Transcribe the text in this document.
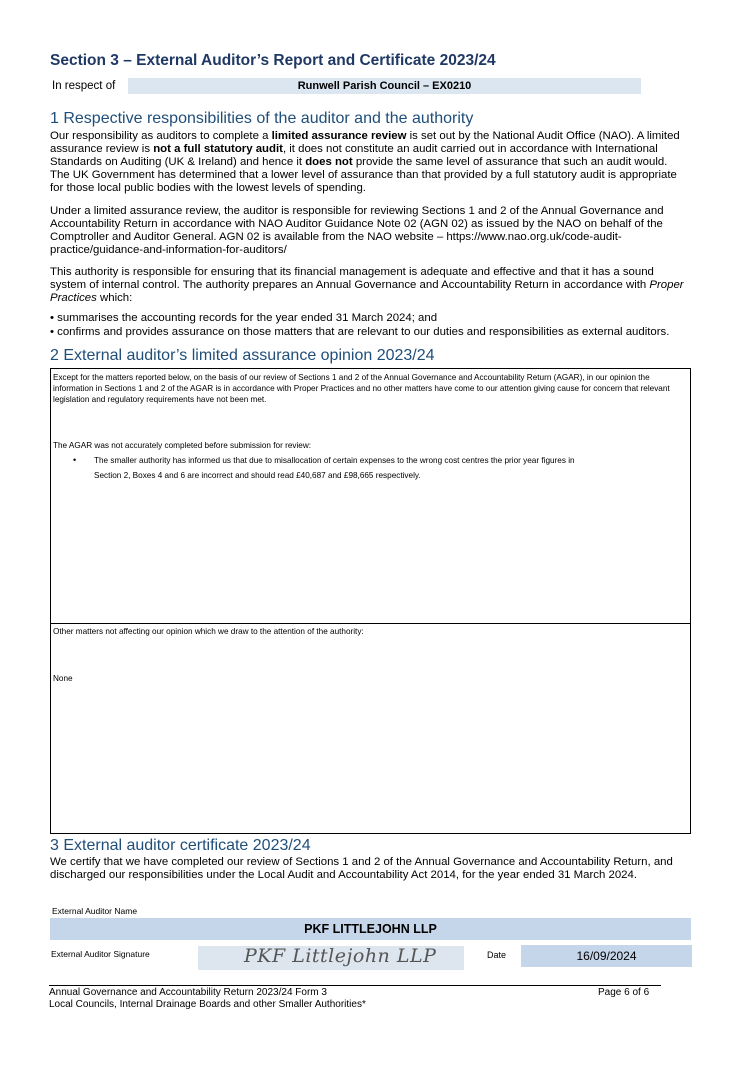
Section 3 – External Auditor’s Report and Certificate 2023/24
In respect of	Runwell Parish Council – EX0210
1 Respective responsibilities of the auditor and the authority
Our responsibility as auditors to complete a limited assurance review is set out by the National Audit Office (NAO). A limited assurance review is not a full statutory audit, it does not constitute an audit carried out in accordance with International Standards on Auditing (UK & Ireland) and hence it does not provide the same level of assurance that such an audit would. The UK Government has determined that a lower level of assurance than that provided by a full statutory audit is appropriate for those local public bodies with the lowest levels of spending.
Under a limited assurance review, the auditor is responsible for reviewing Sections 1 and 2 of the Annual Governance and Accountability Return in accordance with NAO Auditor Guidance Note 02 (AGN 02) as issued by the NAO on behalf of the Comptroller and Auditor General. AGN 02 is available from the NAO website – https://www.nao.org.uk/code-audit-practice/guidance-and-information-for-auditors/
This authority is responsible for ensuring that its financial management is adequate and effective and that it has a sound system of internal control. The authority prepares an Annual Governance and Accountability Return in accordance with Proper Practices which:
• summarises the accounting records for the year ended 31 March 2024; and
• confirms and provides assurance on those matters that are relevant to our duties and responsibilities as external auditors.
2 External auditor’s limited assurance opinion 2023/24
Except for the matters reported below, on the basis of our review of Sections 1 and 2 of the Annual Governance and Accountability Return (AGAR), in our opinion the information in Sections 1 and 2 of the AGAR is in accordance with Proper Practices and no other matters have come to our attention giving cause for concern that relevant legislation and regulatory requirements have not been met.
The AGAR was not accurately completed before submission for review:
• The smaller authority has informed us that due to misallocation of certain expenses to the wrong cost centres the prior year figures in
Section 2, Boxes 4 and 6 are incorrect and should read £40,687 and £98,665 respectively.
Other matters not affecting our opinion which we draw to the attention of the authority:
None
3 External auditor certificate 2023/24
We certify that we have completed our review of Sections 1 and 2 of the Annual Governance and Accountability Return, and discharged our responsibilities under the Local Audit and Accountability Act 2014, for the year ended 31 March 2024.
External Auditor Name
PKF LITTLEJOHN LLP
External Auditor Signature	PKF Littlejohn LLP	Date	16/09/2024
Annual Governance and Accountability Return 2023/24 Form 3
Local Councils, Internal Drainage Boards and other Smaller Authorities*
Page 6 of 6
